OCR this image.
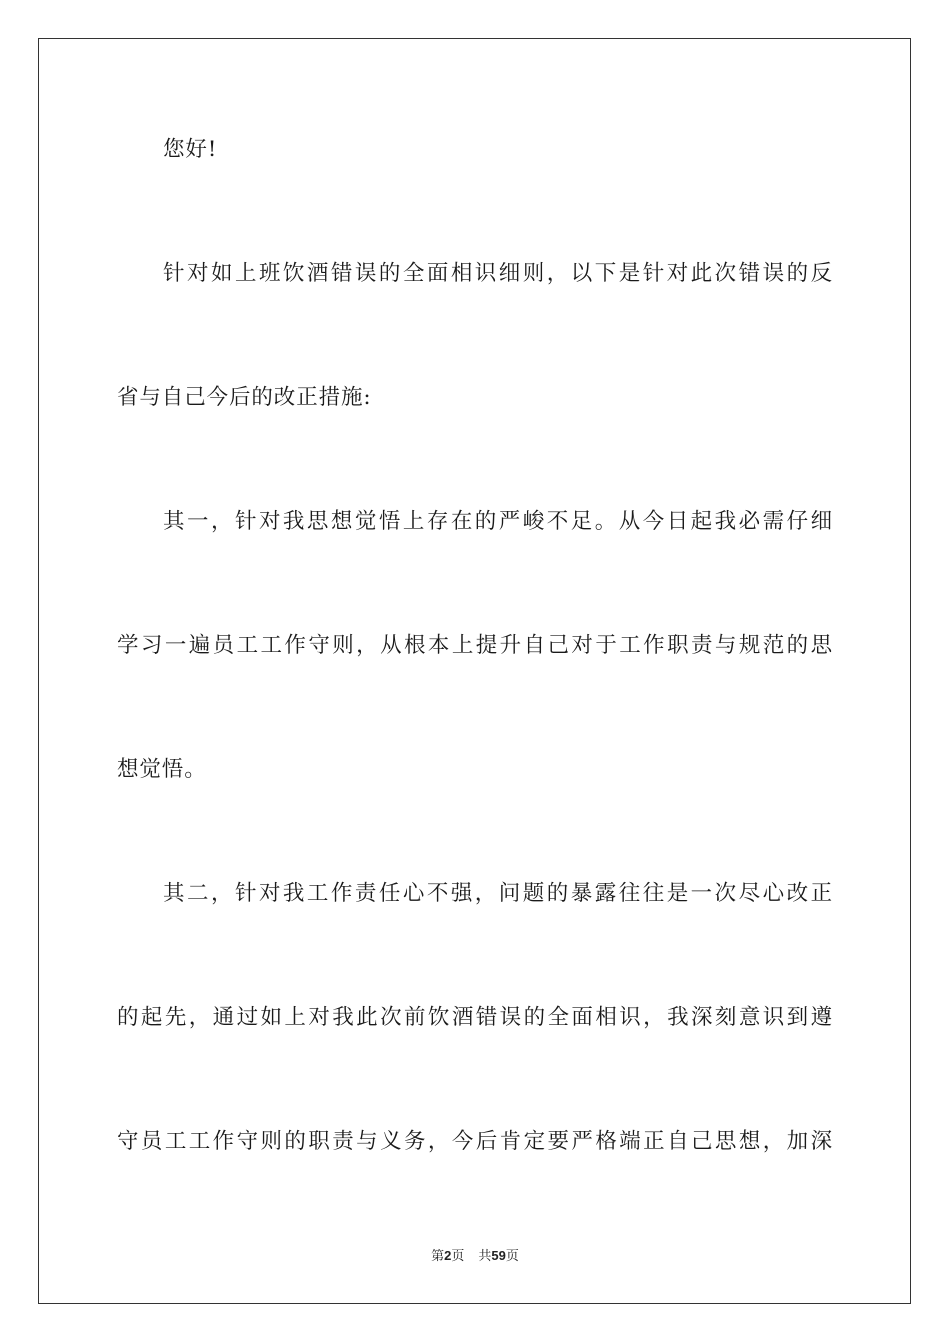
您好!
针对如上班饮酒错误的全面相识细则，以下是针对此次错误的反
省与自己今后的改正措施:
其一，针对我思想觉悟上存在的严峻不足。从今日起我必需仔细
学习一遍员工工作守则，从根本上提升自己对于工作职责与规范的思
想觉悟。
其二，针对我工作责任心不强，问题的暴露往往是一次尽心改正
的起先，通过如上对我此次前饮酒错误的全面相识，我深刻意识到遵
守员工工作守则的职责与义务，今后肯定要严格端正自己思想，加深
第2页 共59页
